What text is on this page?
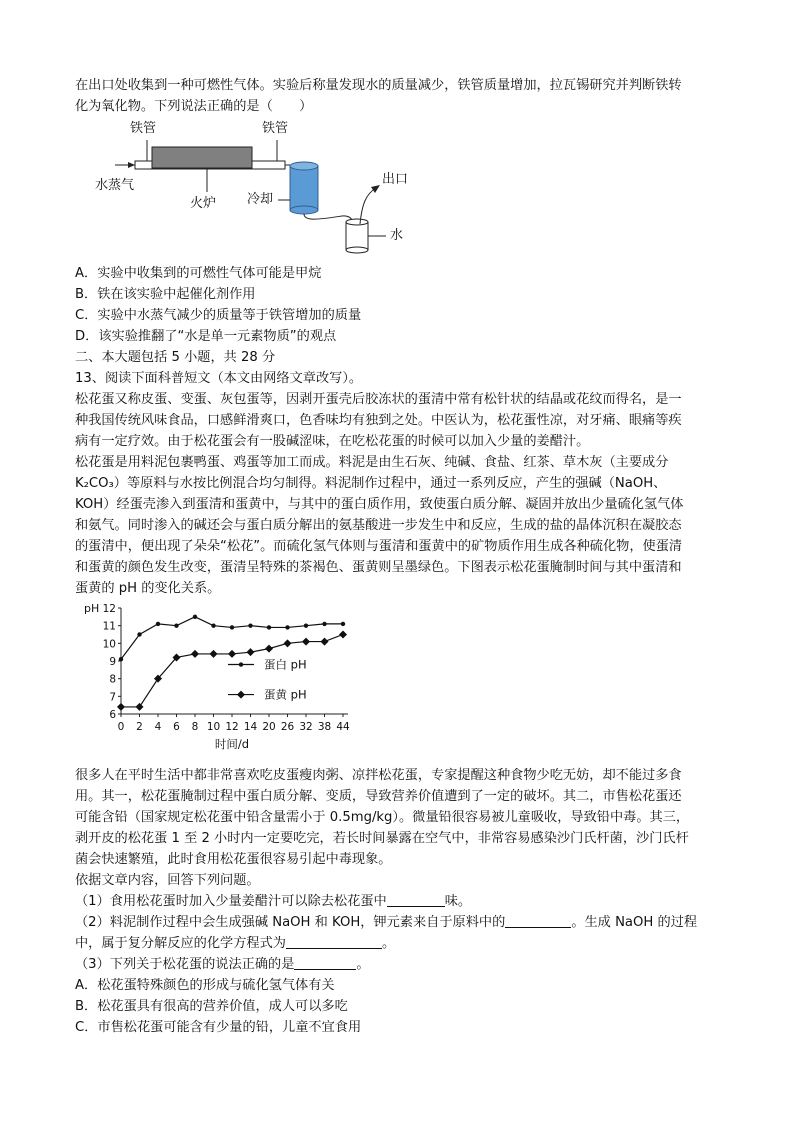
在出口处收集到一种可燃性气体。实验后称量发现水的质量减少，铁管质量增加，拉瓦锡研究并判断铁转
化为氧化物。下列说法正确的是（　　）
铁管	铁管
水蒸气
火炉 冷却
出口
水
A．实验中收集到的可燃性气体可能是甲烷
B．铁在该实验中起催化剂作用
C．实验中水蒸气减少的质量等于铁管增加的质量
D．该实验推翻了“水是单一元素物质”的观点
二、本大题包括 5 小题，共 28 分
13、阅读下面科普短文（本文由网络文章改写）。
松花蛋又称皮蛋、变蛋、灰包蛋等，因剥开蛋壳后胶冻状的蛋清中常有松针状的结晶或花纹而得名，是一
种我国传统风味食品，口感鲜滑爽口，色香味均有独到之处。中医认为，松花蛋性凉，对牙痛、眼痛等疾
病有一定疗效。由于松花蛋会有一股碱涩味，在吃松花蛋的时候可以加入少量的姜醋汁。
松花蛋是用料泥包裹鸭蛋、鸡蛋等加工而成。料泥是由生石灰、纯碱、食盐、红茶、草木灰（主要成分
K₂CO₃）等原料与水按比例混合均匀制得。料泥制作过程中，通过一系列反应，产生的强碱（NaOH、
KOH）经蛋壳渗入到蛋清和蛋黄中，与其中的蛋白质作用，致使蛋白质分解、凝固并放出少量硫化氢气体
和氨气。同时渗入的碱还会与蛋白质分解出的氨基酸进一步发生中和反应，生成的盐的晶体沉积在凝胶态
的蛋清中，便出现了朵朵“松花”。而硫化氢气体则与蛋清和蛋黄中的矿物质作用生成各种硫化物，使蛋清
和蛋黄的颜色发生改变，蛋清呈特殊的茶褐色、蛋黄则呈墨绿色。下图表示松花蛋腌制时间与其中蛋清和
蛋黄的 pH 的变化关系。
pH
6
7
8
9
10
11
12
0 2 4 6 8 10 12 14 20 26 32 38 44
时间/d
蛋白 pH
蛋黄 pH
很多人在平时生活中都非常喜欢吃皮蛋瘦肉粥、凉拌松花蛋，专家提醒这种食物少吃无妨，却不能过多食
用。其一，松花蛋腌制过程中蛋白质分解、变质，导致营养价值遭到了一定的破坏。其二，市售松花蛋还
可能含铅（国家规定松花蛋中铅含量需小于 0.5mg/kg）。微量铅很容易被儿童吸收，导致铅中毒。其三，
剥开皮的松花蛋 1 至 2 小时内一定要吃完，若长时间暴露在空气中，非常容易感染沙门氏杆菌，沙门氏杆
菌会快速繁殖，此时食用松花蛋很容易引起中毒现象。
依据文章内容，回答下列问题。
（1）食用松花蛋时加入少量姜醋汁可以除去松花蛋中	味。
（2）料泥制作过程中会生成强碱 NaOH 和 KOH，钾元素来自于原料中的	。生成 NaOH 的过程
中，属于复分解反应的化学方程式为	。
（3）下列关于松花蛋的说法正确的是	。
A．松花蛋特殊颜色的形成与硫化氢气体有关
B．松花蛋具有很高的营养价值，成人可以多吃
C．市售松花蛋可能含有少量的铅，儿童不宜食用
